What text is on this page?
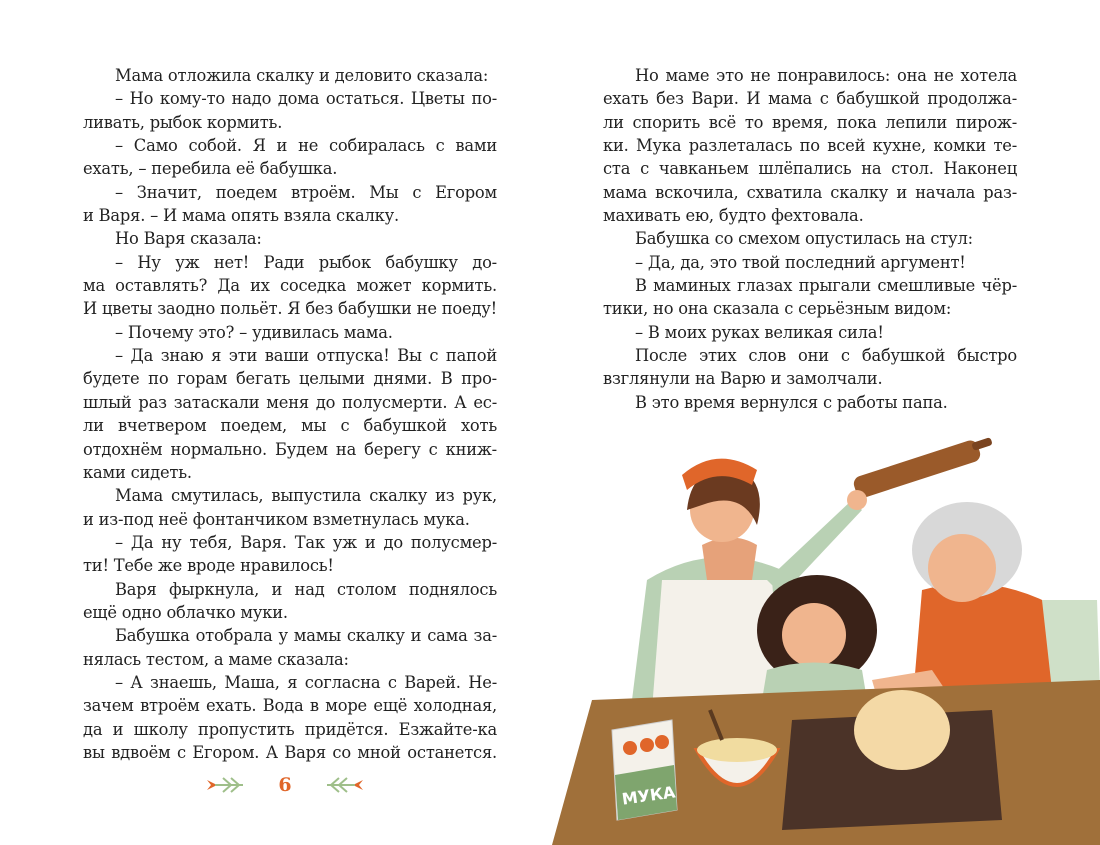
Мама отложила скалку и деловито сказала:
– Но кому-то надо дома остаться. Цветы по-
ливать, рыбок кормить.
– Само собой. Я и не собиралась с вами
ехать, – перебила её бабушка.
– Значит, поедем втроём. Мы с Егором
и Варя. – И мама опять взяла скалку.
Но Варя сказала:
– Ну уж нет! Ради рыбок бабушку до-
ма оставлять? Да их соседка может кормить.
И цветы заодно польёт. Я без бабушки не поеду!
– Почему это? – удивилась мама.
– Да знаю я эти ваши отпуска! Вы с папой
будете по горам бегать целыми днями. В про-
шлый раз затаскали меня до полусмерти. А ес-
ли вчетвером поедем, мы с бабушкой хоть
отдохнём нормально. Будем на берегу с книж-
ками сидеть.
Мама смутилась, выпустила скалку из рук,
и из-под неё фонтанчиком взметнулась мука.
– Да ну тебя, Варя. Так уж и до полусмер-
ти! Тебе же вроде нравилось!
Варя фыркнула, и над столом поднялось
ещё одно облачко муки.
Бабушка отобрала у мамы скалку и сама за-
нялась тестом, а маме сказала:
– А знаешь, Маша, я согласна с Варей. Не-
зачем втроём ехать. Вода в море ещё холодная,
да и школу пропустить придётся. Езжайте-ка
вы вдвоём с Егором. А Варя со мной останется.
Но маме это не понравилось: она не хотела
ехать без Вари. И мама с бабушкой продолжа-
ли спорить всё то время, пока лепили пирож-
ки. Мука разлеталась по всей кухне, комки те-
ста с чавканьем шлёпались на стол. Наконец
мама вскочила, схватила скалку и начала раз-
махивать ею, будто фехтовала.
Бабушка со смехом опустилась на стул:
– Да, да, это твой последний аргумент!
В маминых глазах прыгали смешливые чёр-
тики, но она сказала с серьёзным видом:
– В моих руках великая сила!
После этих слов они с бабушкой быстро
взглянули на Варю и замолчали.
В это время вернулся с работы папа.
6	МУКА
